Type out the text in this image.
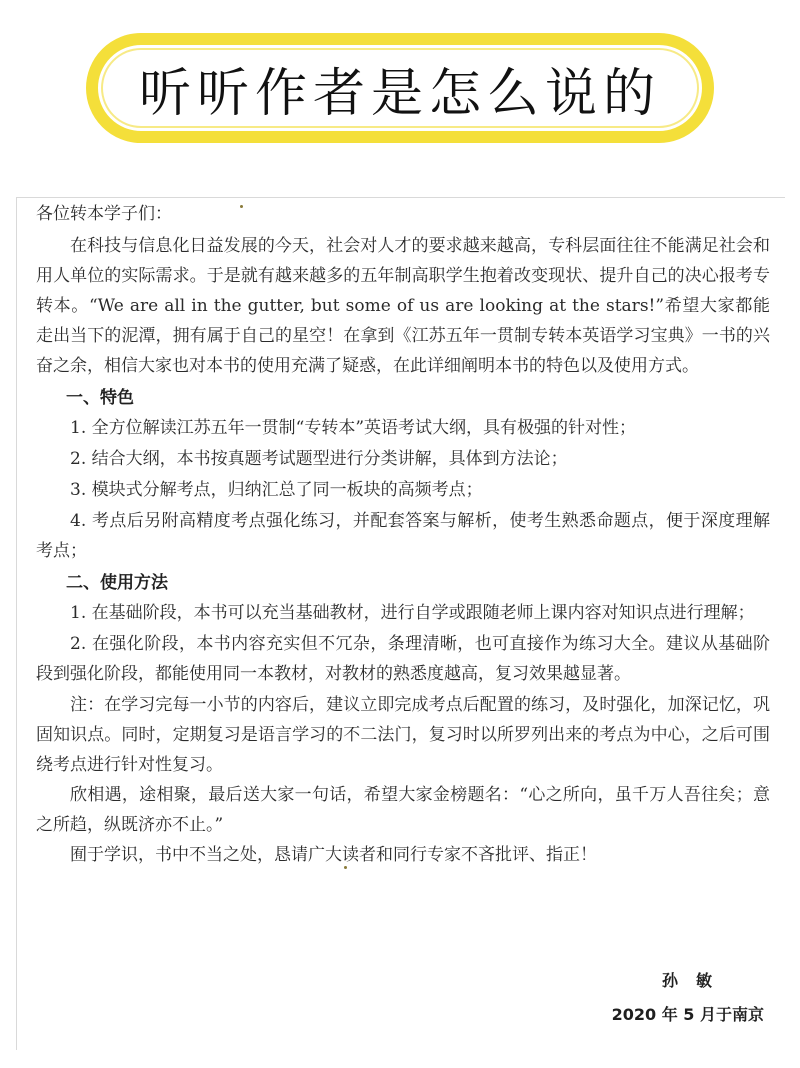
听听作者是怎么说的

各位转本学子们：

在科技与信息化日益发展的今天，社会对人才的要求越来越高，专科层面往往不能满足社会和用人单位的实际需求。于是就有越来越多的五年制高职学生抱着改变现状、提升自己的决心报考专转本。“We are all in the gutter, but some of us are looking at the stars!”希望大家都能走出当下的泥潭，拥有属于自己的星空！在拿到《江苏五年一贯制专转本英语学习宝典》一书的兴奋之余，相信大家也对本书的使用充满了疑惑，在此详细阐明本书的特色以及使用方式。

一、特色

1. 全方位解读江苏五年一贯制“专转本”英语考试大纲，具有极强的针对性；

2. 结合大纲，本书按真题考试题型进行分类讲解，具体到方法论；

3. 模块式分解考点，归纳汇总了同一板块的高频考点；

4. 考点后另附高精度考点强化练习，并配套答案与解析，使考生熟悉命题点，便于深度理解考点；

二、使用方法

1. 在基础阶段，本书可以充当基础教材，进行自学或跟随老师上课内容对知识点进行理解；

2. 在强化阶段，本书内容充实但不冗杂，条理清晰，也可直接作为练习大全。建议从基础阶段到强化阶段，都能使用同一本教材，对教材的熟悉度越高，复习效果越显著。

注：在学习完每一小节的内容后，建议立即完成考点后配置的练习，及时强化，加深记忆，巩固知识点。同时，定期复习是语言学习的不二法门，复习时以所罗列出来的考点为中心，之后可围绕考点进行针对性复习。

欣相遇，途相聚，最后送大家一句话，希望大家金榜题名：“心之所向，虽千万人吾往矣；意之所趋，纵既济亦不止。”

囿于学识，书中不当之处，恳请广大读者和同行专家不吝批评、指正！

孙敏
2020 年 5 月于南京
